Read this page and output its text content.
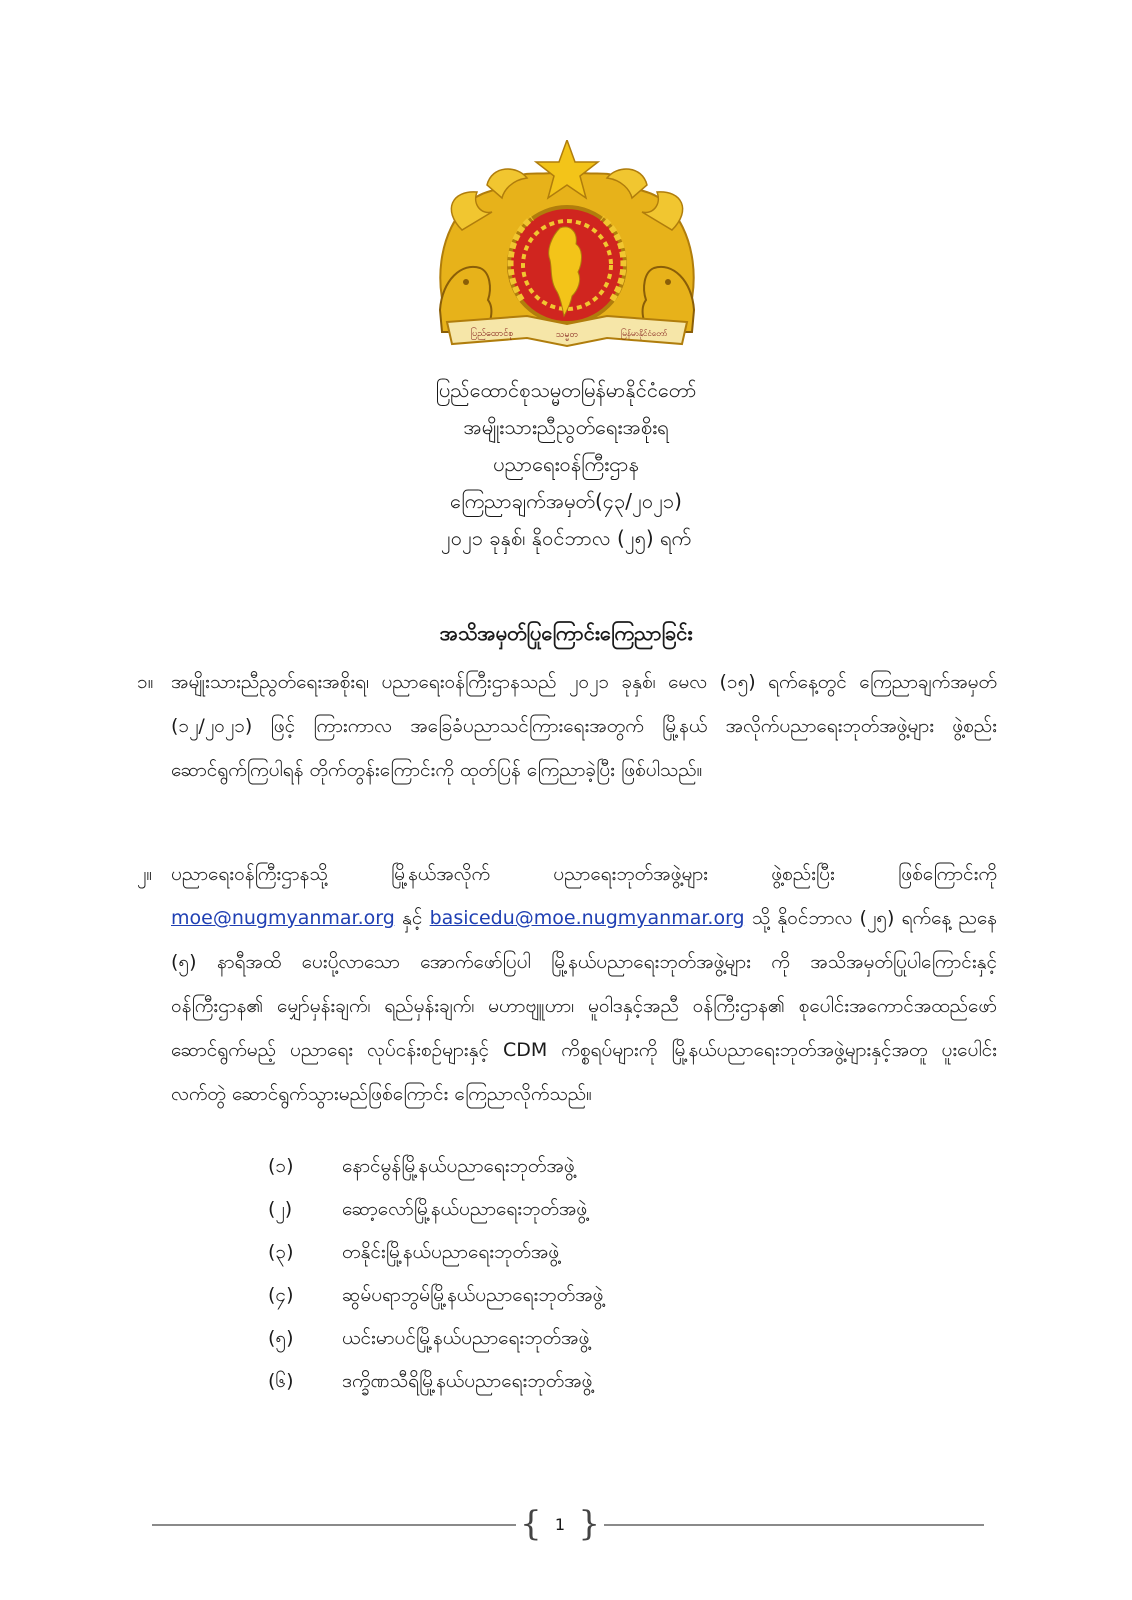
ပြည်ထောင်စု	သမ္မတ	မြန်မာနိုင်ငံတော်
ပြည်ထောင်စုသမ္မတမြန်မာနိုင်ငံတော်
အမျိုးသားညီညွတ်ရေးအစိုးရ
ပညာရေးဝန်ကြီးဌာန
ကြေညာချက်အမှတ်(၄၃/၂၀၂၁)
၂၀၂၁ ခုနှစ်၊ နိုဝင်ဘာလ (၂၅) ရက်
အသိအမှတ်ပြုကြောင်းကြေညာခြင်း
၁။ အမျိုးသားညီညွတ်ရေးအစိုးရ၊ ပညာရေးဝန်ကြီးဌာနသည် ၂၀၂၁ ခုနှစ်၊ မေလ (၁၅) ရက်နေ့တွင် ကြေညာချက်အမှတ် (၁၂/၂၀၂၁) ဖြင့် ကြားကာလ အခြေခံပညာသင်ကြားရေးအတွက် မြို့နယ် အလိုက်ပညာရေးဘုတ်အဖွဲ့များ ဖွဲ့စည်းဆောင်ရွက်ကြပါရန် တိုက်တွန်းကြောင်းကို ထုတ်ပြန် ကြေညာခဲ့ပြီး ဖြစ်ပါသည်။
၂။ ပညာရေးဝန်ကြီးဌာနသို့ မြို့နယ်အလိုက် ပညာရေးဘုတ်အဖွဲ့များ ဖွဲ့စည်းပြီး ဖြစ်ကြောင်းကို moe@nugmyanmar.org နှင့် basicedu@moe.nugmyanmar.org သို့ နိုဝင်ဘာလ (၂၅) ရက်နေ့ ညနေ (၅) နာရီအထိ ပေးပို့လာသော အောက်ဖော်ပြပါ မြို့နယ်ပညာရေးဘုတ်အဖွဲ့များ ကို အသိအမှတ်ပြုပါကြောင်းနှင့် ဝန်ကြီးဌာန၏ မျှော်မှန်းချက်၊ ရည်မှန်းချက်၊ မဟာဗျူဟာ၊ မူဝါဒနှင့်အညီ ဝန်ကြီးဌာန၏ စုပေါင်းအကောင်အထည်ဖော်ဆောင်ရွက်မည့် ပညာရေး လုပ်ငန်းစဉ်များနှင့် CDM ကိစ္စရပ်များကို မြို့နယ်ပညာရေးဘုတ်အဖွဲ့များနှင့်အတူ ပူးပေါင်း လက်တွဲ ဆောင်ရွက်သွားမည်ဖြစ်ကြောင်း ကြေညာလိုက်သည်။
(၁)	နောင်မွန်မြို့နယ်ပညာရေးဘုတ်အဖွဲ့
(၂)	ဆော့လော်မြို့နယ်ပညာရေးဘုတ်အဖွဲ့
(၃)	တနိုင်းမြို့နယ်ပညာရေးဘုတ်အဖွဲ့
(၄)	ဆွမ်ပရာဘွမ်မြို့နယ်ပညာရေးဘုတ်အဖွဲ့
(၅)	ယင်းမာပင်မြို့နယ်ပညာရေးဘုတ်အဖွဲ့
(၆)	ဒက္ခိဏသီရိမြို့နယ်ပညာရေးဘုတ်အဖွဲ့
{ 1 }
